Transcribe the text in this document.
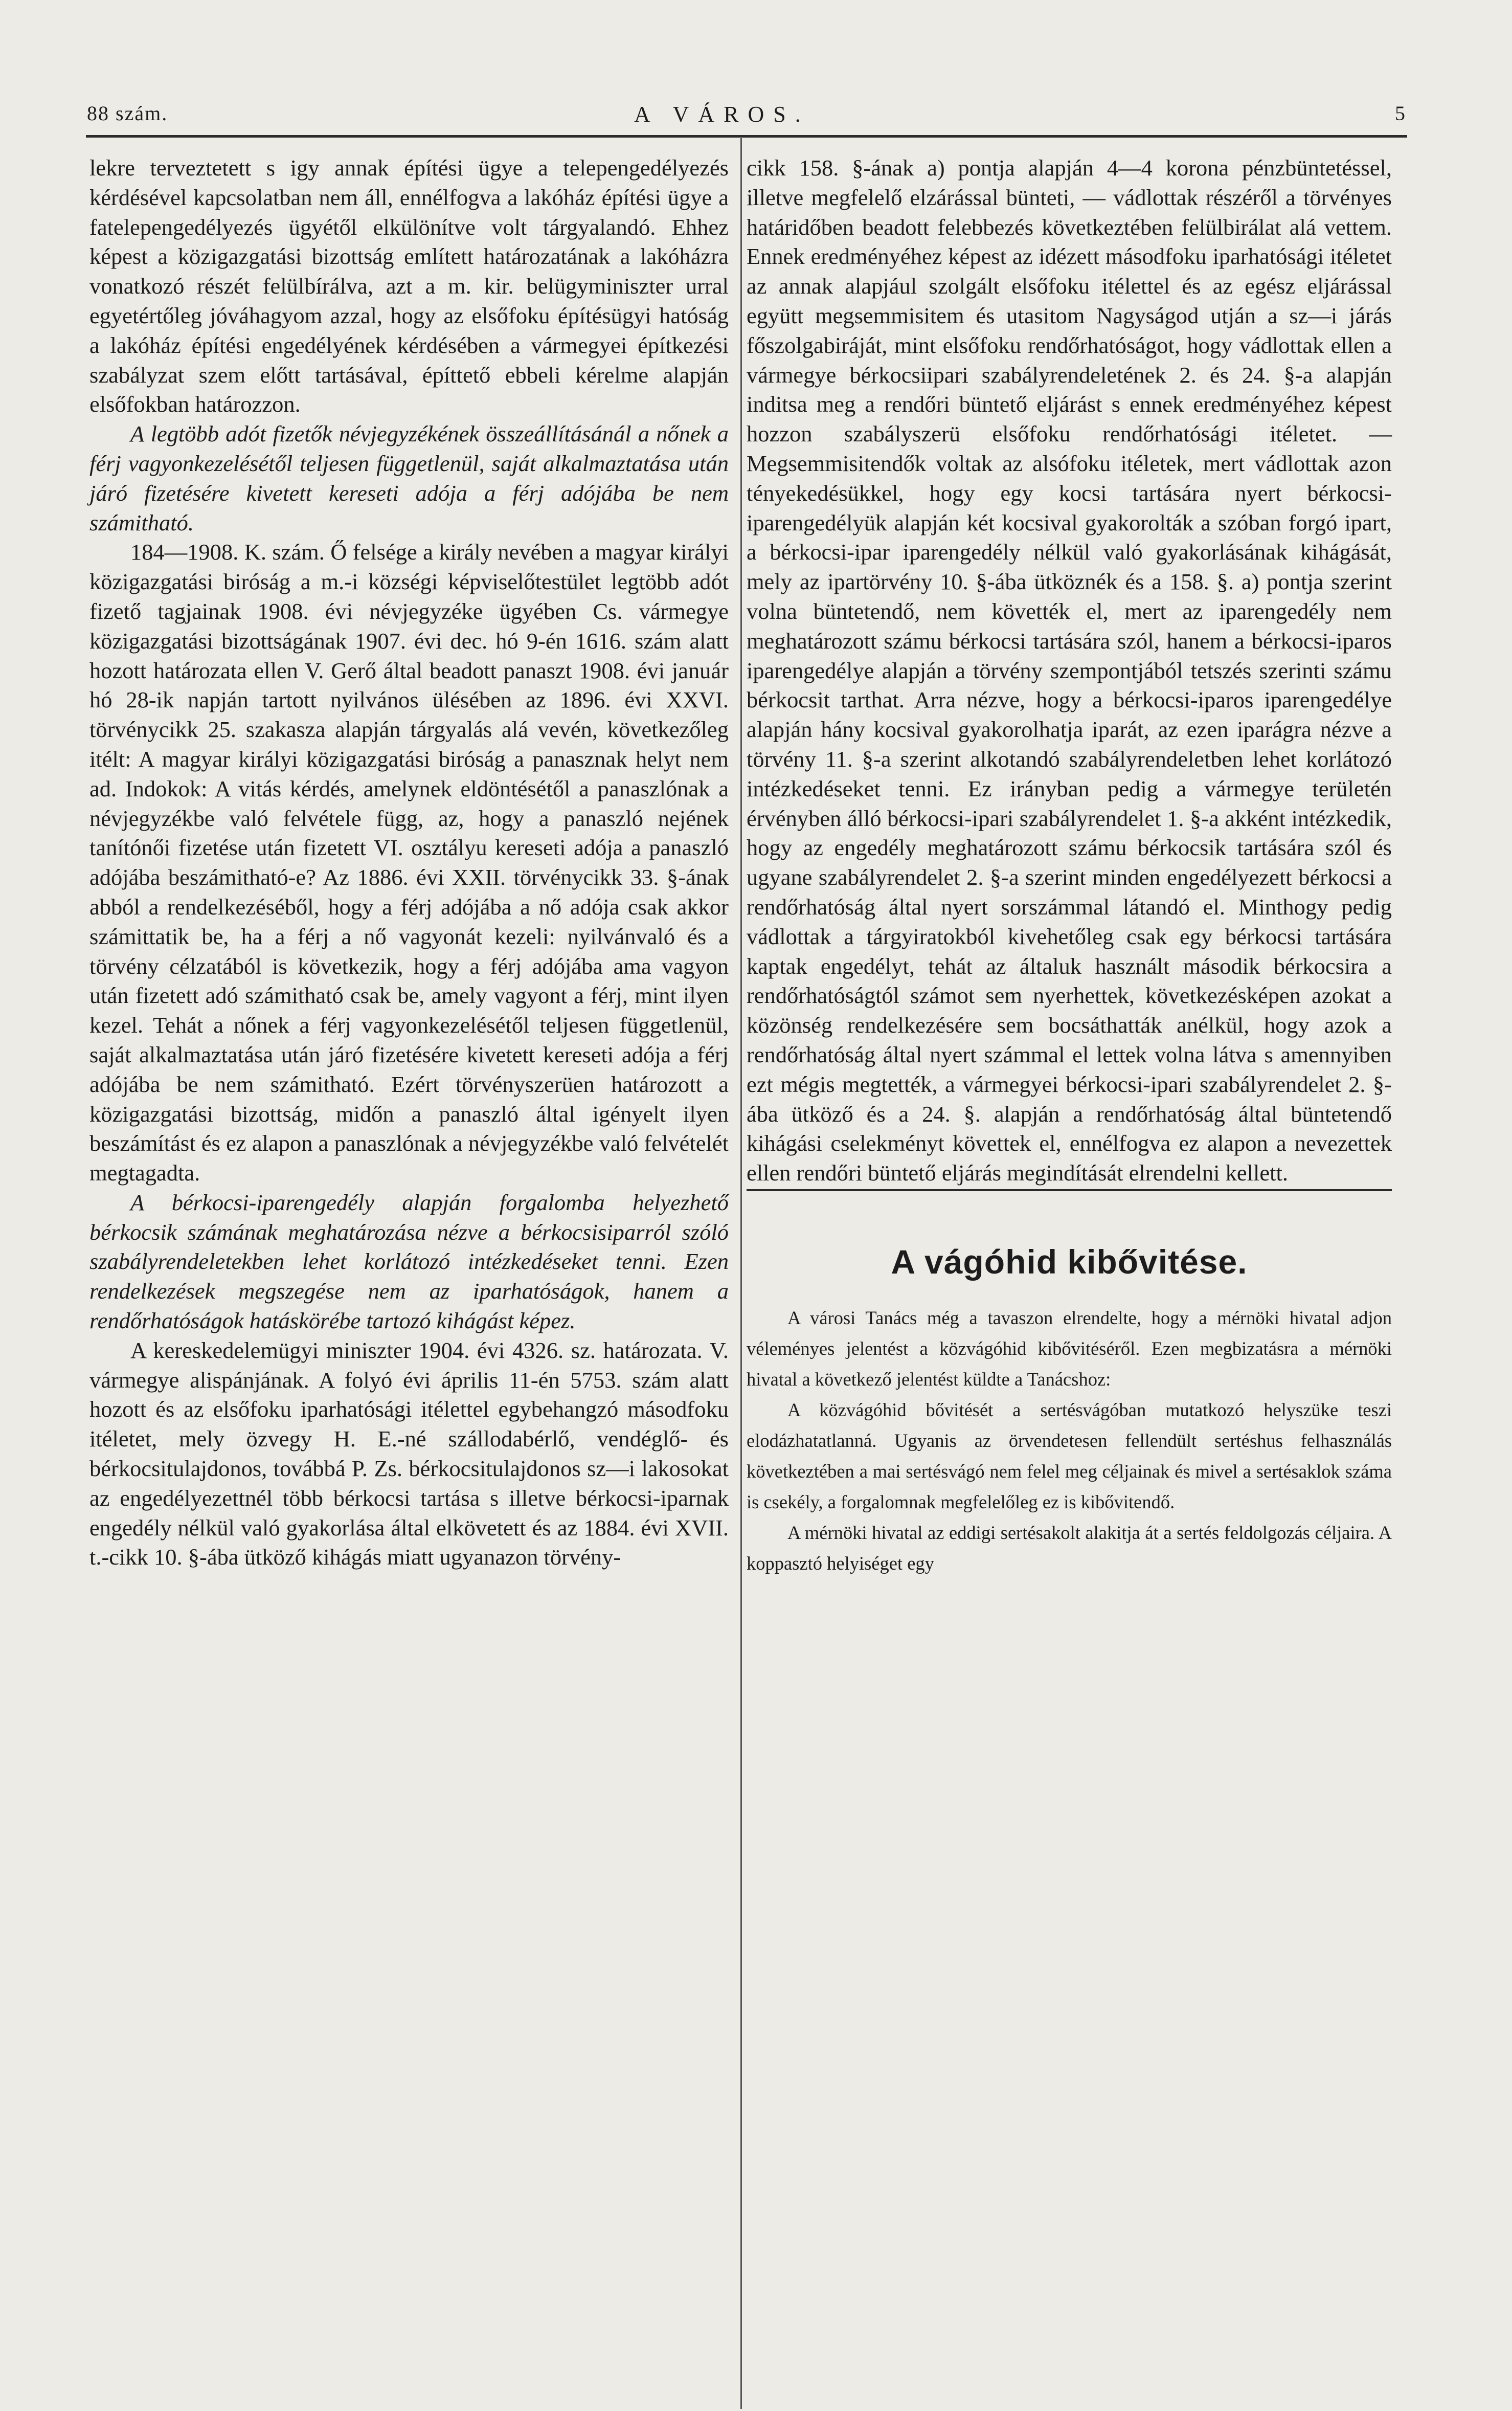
88 szám.	A VÁROS.	5

lekre terveztetett s igy annak építési ügye a telepengedélyezés kérdésével kapcsolatban nem áll, ennélfogva a lakóház építési ügye a fatelepengedélyezés ügyétől elkülönítve volt tárgyalandó. Ehhez képest a közigazgatási bizottság említett határozatának a lakóházra vonatkozó részét felülbírálva, azt a m. kir. belügyminiszter urral egyetértőleg jóváhagyom azzal, hogy az elsőfoku építésügyi hatóság a lakóház építési engedélyének kérdésében a vármegyei építkezési szabályzat szem előtt tartásával, építtető ebbeli kérelme alapján elsőfokban határozzon.

A legtöbb adót fizetők névjegyzékének összeállításánál a nőnek a férj vagyonkezelésétől teljesen függetlenül, saját alkalmaztatása után járó fizetésére kivetett kereseti adója a férj adójába be nem számitható.

184—1908. K. szám. Ő felsége a király nevében a magyar királyi közigazgatási biróság a m.-i községi képviselőtestület legtöbb adót fizető tagjainak 1908. évi névjegyzéke ügyében Cs. vármegye közigazgatási bizottságának 1907. évi dec. hó 9-én 1616. szám alatt hozott határozata ellen V. Gerő által beadott panaszt 1908. évi január hó 28-ik napján tartott nyilvános ülésében az 1896. évi XXVI. törvénycikk 25. szakasza alapján tárgyalás alá vevén, következőleg itélt: A magyar királyi közigazgatási biróság a panasznak helyt nem ad. Indokok: A vitás kérdés, amelynek eldöntésétől a panaszlónak a névjegyzékbe való felvétele függ, az, hogy a panaszló nejének tanítónői fizetése után fizetett VI. osztályu kereseti adója a panaszló adójába beszámitható-e? Az 1886. évi XXII. törvénycikk 33. §-ának abból a rendelkezéséből, hogy a férj adójába a nő adója csak akkor számittatik be, ha a férj a nő vagyonát kezeli: nyilvánvaló és a törvény célzatából is következik, hogy a férj adójába ama vagyon után fizetett adó számitható csak be, amely vagyont a férj, mint ilyen kezel. Tehát a nőnek a férj vagyonkezelésétől teljesen függetlenül, saját alkalmaztatása után járó fizetésére kivetett kereseti adója a férj adójába be nem számitható. Ezért törvényszerüen határozott a közigazgatási bizottság, midőn a panaszló által igényelt ilyen beszámítást és ez alapon a panaszlónak a névjegyzékbe való felvételét megtagadta.

A bérkocsi-iparengedély alapján forgalomba helyezhető bérkocsik számának meghatározása nézve a bérkocsisiparról szóló szabályrendeletekben lehet korlátozó intézkedéseket tenni. Ezen rendelkezések megszegése nem az iparhatóságok, hanem a rendőrhatóságok hatáskörébe tartozó kihágást képez.

A kereskedelemügyi miniszter 1904. évi 4326. sz. határozata. V. vármegye alispánjának. A folyó évi április 11-én 5753. szám alatt hozott és az elsőfoku iparhatósági itélettel egybehangzó másodfoku itéletet, mely özvegy H. E.-né szállodabérlő, vendéglő- és bérkocsitulajdonos, továbbá P. Zs. bérkocsitulajdonos sz—i lakosokat az engedélyezettnél több bérkocsi tartása s illetve bérkocsi-iparnak engedély nélkül való gyakorlása által elkövetett és az 1884. évi XVII. t.-cikk 10. §-ába ütköző kihágás miatt ugyanazon törvény-

cikk 158. §-ának a) pontja alapján 4—4 korona pénzbüntetéssel, illetve megfelelő elzárással bünteti, — vádlottak részéről a törvényes határidőben beadott felebbezés következtében felülbirálat alá vettem. Ennek eredményéhez képest az idézett másodfoku iparhatósági itéletet az annak alapjául szolgált elsőfoku itélettel és az egész eljárással együtt megsemmisitem és utasitom Nagyságod utján a sz—i járás főszolgabiráját, mint elsőfoku rendőrhatóságot, hogy vádlottak ellen a vármegye bérkocsiipari szabályrendeletének 2. és 24. §-a alapján inditsa meg a rendőri büntető eljárást s ennek eredményéhez képest hozzon szabályszerü elsőfoku rendőrhatósági itéletet. — Megsemmisitendők voltak az alsófoku itéletek, mert vádlottak azon tényekedésükkel, hogy egy kocsi tartására nyert bérkocsi-iparengedélyük alapján két kocsival gyakorolták a szóban forgó ipart, a bérkocsi-ipar iparengedély nélkül való gyakorlásának kihágását, mely az ipartörvény 10. §-ába ütköznék és a 158. §. a) pontja szerint volna büntetendő, nem követték el, mert az iparengedély nem meghatározott számu bérkocsi tartására szól, hanem a bérkocsi-iparos iparengedélye alapján a törvény szempontjából tetszés szerinti számu bérkocsit tarthat. Arra nézve, hogy a bérkocsi-iparos iparengedélye alapján hány kocsival gyakorolhatja iparát, az ezen iparágra nézve a törvény 11. §-a szerint alkotandó szabályrendeletben lehet korlátozó intézkedéseket tenni. Ez irányban pedig a vármegye területén érvényben álló bérkocsi-ipari szabályrendelet 1. §-a akként intézkedik, hogy az engedély meghatározott számu bérkocsik tartására szól és ugyane szabályrendelet 2. §-a szerint minden engedélyezett bérkocsi a rendőrhatóság által nyert sorszámmal látandó el. Minthogy pedig vádlottak a tárgyiratokból kivehetőleg csak egy bérkocsi tartására kaptak engedélyt, tehát az általuk használt második bérkocsira a rendőrhatóságtól számot sem nyerhettek, következésképen azokat a közönség rendelkezésére sem bocsáthatták anélkül, hogy azok a rendőrhatóság által nyert számmal el lettek volna látva s amennyiben ezt mégis megtették, a vármegyei bérkocsi-ipari szabályrendelet 2. §-ába ütköző és a 24. §. alapján a rendőrhatóság által büntetendő kihágási cselekményt követtek el, ennélfogva ez alapon a nevezettek ellen rendőri büntető eljárás megindítását elrendelni kellett.

A vágóhid kibővitése.

A városi Tanács még a tavaszon elrendelte, hogy a mérnöki hivatal adjon véleményes jelentést a közvágóhid kibővitéséről. Ezen megbizatásra a mérnöki hivatal a következő jelentést küldte a Tanácshoz:

A közvágóhid bővitését a sertésvágóban mutatkozó helyszüke teszi elodázhatatlanná. Ugyanis az örvendetesen fellendült sertéshus felhasználás következtében a mai sertésvágó nem felel meg céljainak és mivel a sertésaklok száma is csekély, a forgalomnak megfelelőleg ez is kibővitendő.

A mérnöki hivatal az eddigi sertésakolt alakitja át a sertés feldolgozás céljaira. A koppasztó helyiséget egy
